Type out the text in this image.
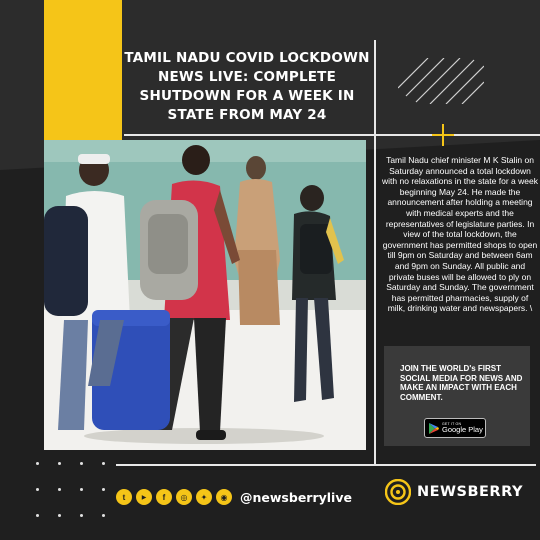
TAMIL NADU COVID LOCKDOWN NEWS LIVE: COMPLETE SHUTDOWN FOR A WEEK IN STATE FROM MAY 24

Tamil Nadu chief minister M K Stalin on Saturday announced a total lockdown with no relaxations in the state for a week beginning May 24. He made the announcement after holding a meeting with medical experts and the representatives of legislature parties. In view of the total lockdown, the government has permitted shops to open till 9pm on Saturday and between 6am and 9pm on Sunday. All public and private buses will be allowed to ply on Saturday and Sunday. The government has permitted pharmacies, supply of milk, drinking water and newspapers. \

JOIN THE WORLD's FIRST SOCIAL MEDIA FOR NEWS AND MAKE AN IMPACT WITH EACH COMMENT.

GET IT ON
Google Play
t	▶	f	◎	✦	◉	@newsberrylive	NEWSBERRY
